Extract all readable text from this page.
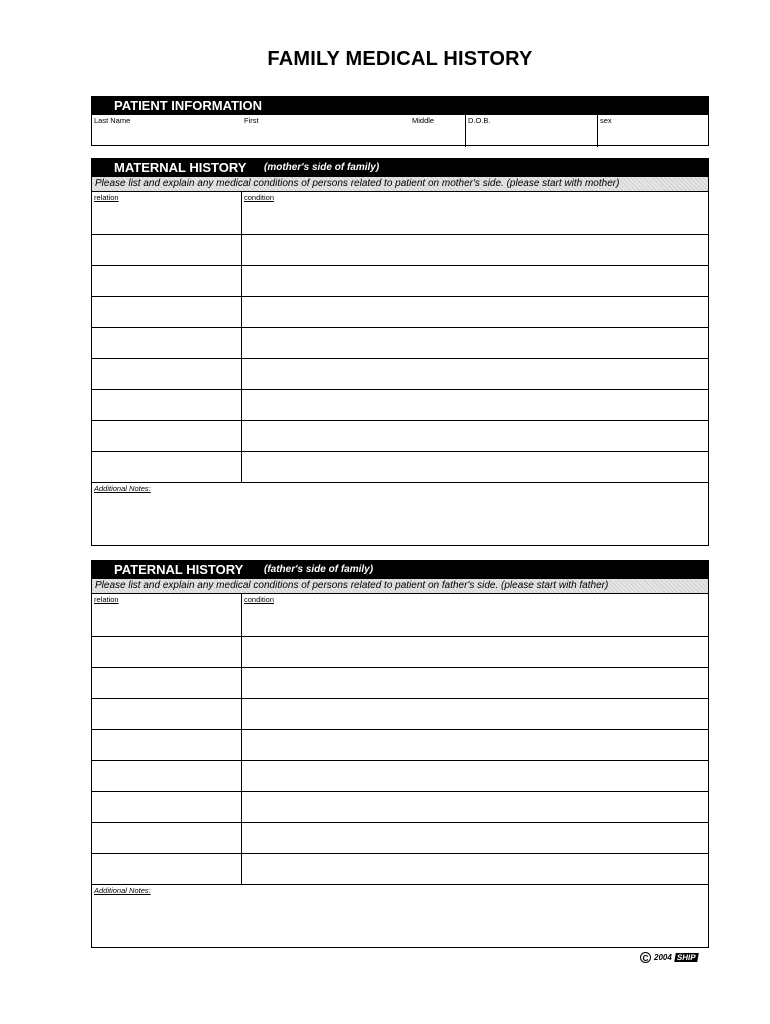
FAMILY MEDICAL HISTORY
PATIENT INFORMATION
Last Name	First	Middle	D.O.B.	sex
MATERNAL HISTORY (mother's side of family)
Please list and explain any medical conditions of persons related to patient on mother's side. (please start with mother)
relation	condition
Additional Notes:
PATERNAL HISTORY (father's side of family)
Please list and explain any medical conditions of persons related to patient on father's side. (please start with father)
relation	condition
Additional Notes:
C 2004 SHIP
